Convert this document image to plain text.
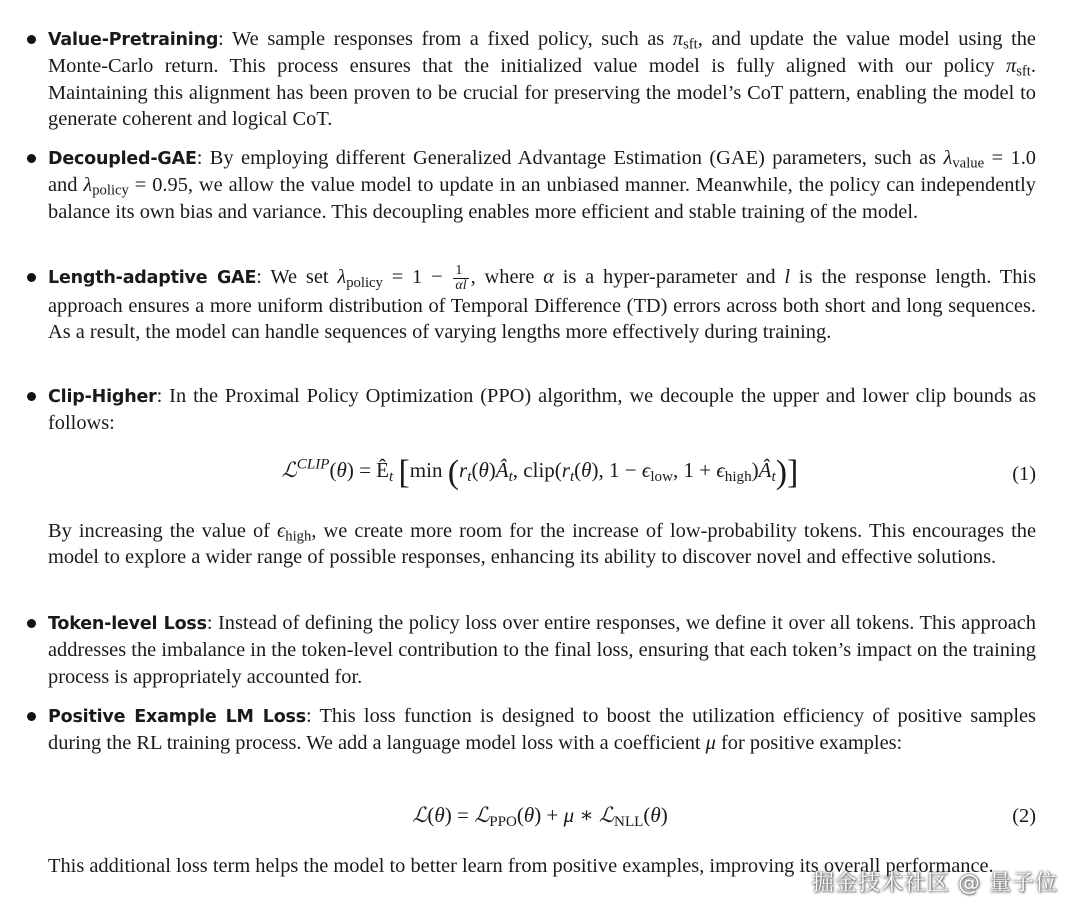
Value-Pretraining: We sample responses from a fixed policy, such as $\pi_{sft}$, and update the value model using the Monte-Carlo return. This process ensures that the initialized value model is fully aligned with our policy $\pi_{sft}$. Maintaining this alignment has been proven to be crucial for preserving the model’s CoT pattern, enabling the model to generate coherent and logical CoT.

Decoupled-GAE: By employing different Generalized Advantage Estimation (GAE) parameters, such as $\lambda_{value} = 1.0$ and $\lambda_{policy} = 0.95$, we allow the value model to update in an unbiased manner. Meanwhile, the policy can independently balance its own bias and variance. This decoupling enables more efficient and stable training of the model.

Length-adaptive GAE: We set $\lambda_{policy} = 1 - \frac{1}{\alpha l}$ , where α is a hyper-parameter and l is the response length. This approach ensures a more uniform distribution of Temporal Difference (TD) errors across both short and long sequences. As a result, the model can handle sequences of varying lengths more effectively during training.

Clip-Higher: In the Proximal Policy Optimization (PPO) algorithm, we decouple the upper and lower clip bounds as follows:

ℒ$^{CLIP}$(θ) = $Ê_t$ [min ($r_t(\theta)Â_t$, $clip(r_t(\theta)$, $1 - \epsilon_{low}$, $1 + \epsilon_{high})Â_t$)]	(1)

By increasing the value of $\epsilon_{high}$, we create more room for the increase of low-probability tokens. This encourages the model to explore a wider range of possible responses, enhancing its ability to discover novel and effective solutions.

Token-level Loss: Instead of defining the policy loss over entire responses, we define it over all tokens. This approach addresses the imbalance in the token-level contribution to the final loss, ensuring that each token’s impact on the training process is appropriately accounted for.

Positive Example LM Loss: This loss function is designed to boost the utilization efficiency of positive samples during the RL training process. We add a language model loss with a coefficient μ for positive examples:

ℒ(θ) = ℒ$_{PPO}$(θ) + μ ∗ ℒ$_{NLL}$(θ)	(2)

This additional loss term helps the model to better learn from positive examples, improving its overall performance.

掘金技术社区 @ 量子位
